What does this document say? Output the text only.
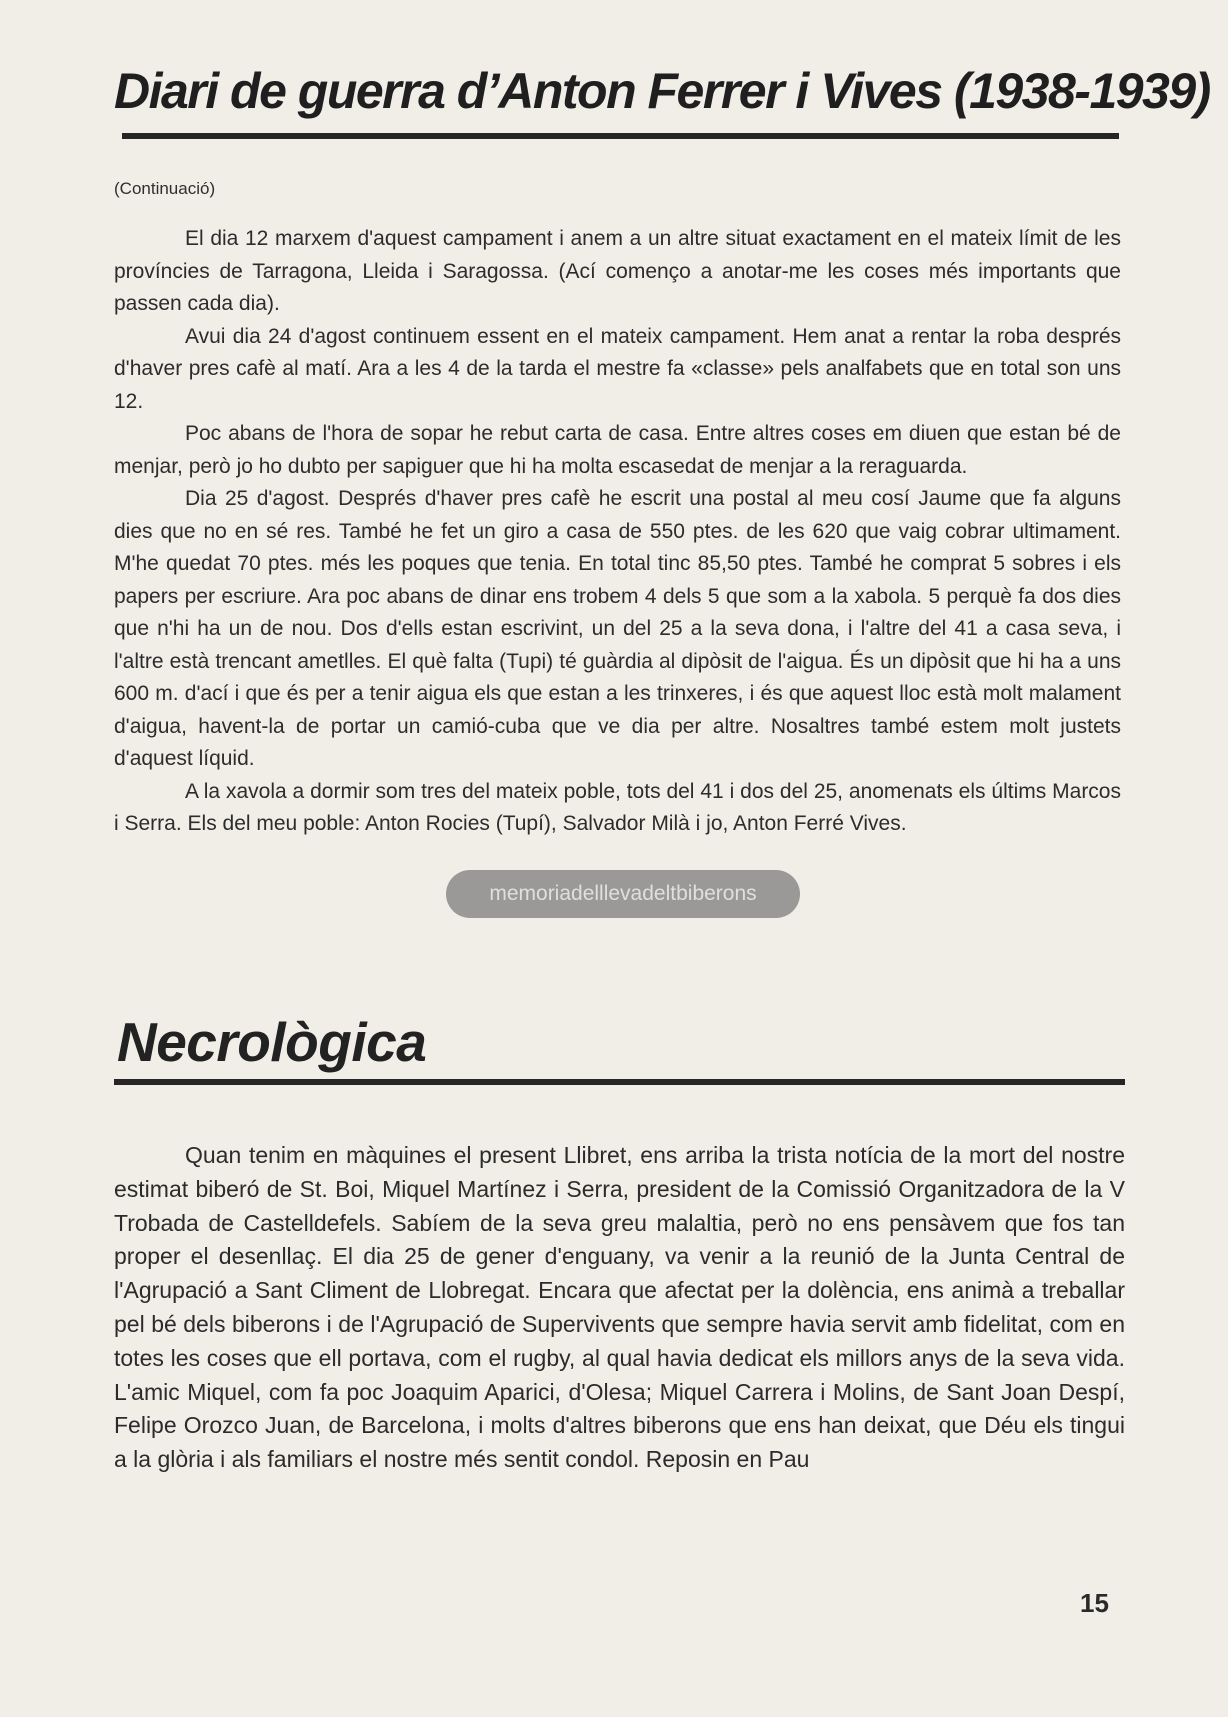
Diari de guerra d’Anton Ferrer i Vives (1938-1939)
(Continuació)

El dia 12 marxem d'aquest campament i anem a un altre situat exactament en el mateix límit de les províncies de Tarragona, Lleida i Saragossa. (Ací començo a anotar-me les coses més importants que passen cada dia).

Avui dia 24 d'agost continuem essent en el mateix campament. Hem anat a rentar la roba després d'haver pres cafè al matí. Ara a les 4 de la tarda el mestre fa «classe» pels analfabets que en total son uns 12.

Poc abans de l'hora de sopar he rebut carta de casa. Entre altres coses em diuen que estan bé de menjar, però jo ho dubto per sapiguer que hi ha molta escasedat de menjar a la reraguarda.

Dia 25 d'agost. Després d'haver pres cafè he escrit una postal al meu cosí Jaume que fa alguns dies que no en sé res. També he fet un giro a casa de 550 ptes. de les 620 que vaig cobrar ultimament. M'he quedat 70 ptes. més les poques que tenia. En total tinc 85,50 ptes. També he comprat 5 sobres i els papers per escriure. Ara poc abans de dinar ens trobem 4 dels 5 que som a la xabola. 5 perquè fa dos dies que n'hi ha un de nou. Dos d'ells estan escrivint, un del 25 a la seva dona, i l'altre del 41 a casa seva, i l'altre està trencant ametlles. El què falta (Tupi) té guàrdia al dipòsit de l'aigua. És un dipòsit que hi ha a uns 600 m. d'ací i que és per a tenir aigua els que estan a les trinxeres, i és que aquest lloc està molt malament d'aigua, havent-la de portar un camió-cuba que ve dia per altre. Nosaltres també estem molt justets d'aquest líquid.

A la xavola a dormir som tres del mateix poble, tots del 41 i dos del 25, anomenats els últims Marcos i Serra. Els del meu poble: Anton Rocies (Tupí), Salvador Milà i jo, Anton Ferré Vives.

memoriadelllevadeltbiberons
Necrològica

Quan tenim en màquines el present Llibret, ens arriba la trista notícia de la mort del nostre estimat biberó de St. Boi, Miquel Martínez i Serra, president de la Comissió Organitzadora de la V Trobada de Castelldefels. Sabíem de la seva greu malaltia, però no ens pensàvem que fos tan proper el desenllaç. El dia 25 de gener d'enguany, va venir a la reunió de la Junta Central de l'Agrupació a Sant Climent de Llobregat. Encara que afectat per la dolència, ens animà a treballar pel bé dels biberons i de l'Agrupació de Supervivents que sempre havia servit amb fidelitat, com en totes les coses que ell portava, com el rugby, al qual havia dedicat els millors anys de la seva vida. L'amic Miquel, com fa poc Joaquim Aparici, d'Olesa; Miquel Carrera i Molins, de Sant Joan Despí, Felipe Orozco Juan, de Barcelona, i molts d'altres biberons que ens han deixat, que Déu els tingui a la glòria i als familiars el nostre més sentit condol. Reposin en Pau

15
